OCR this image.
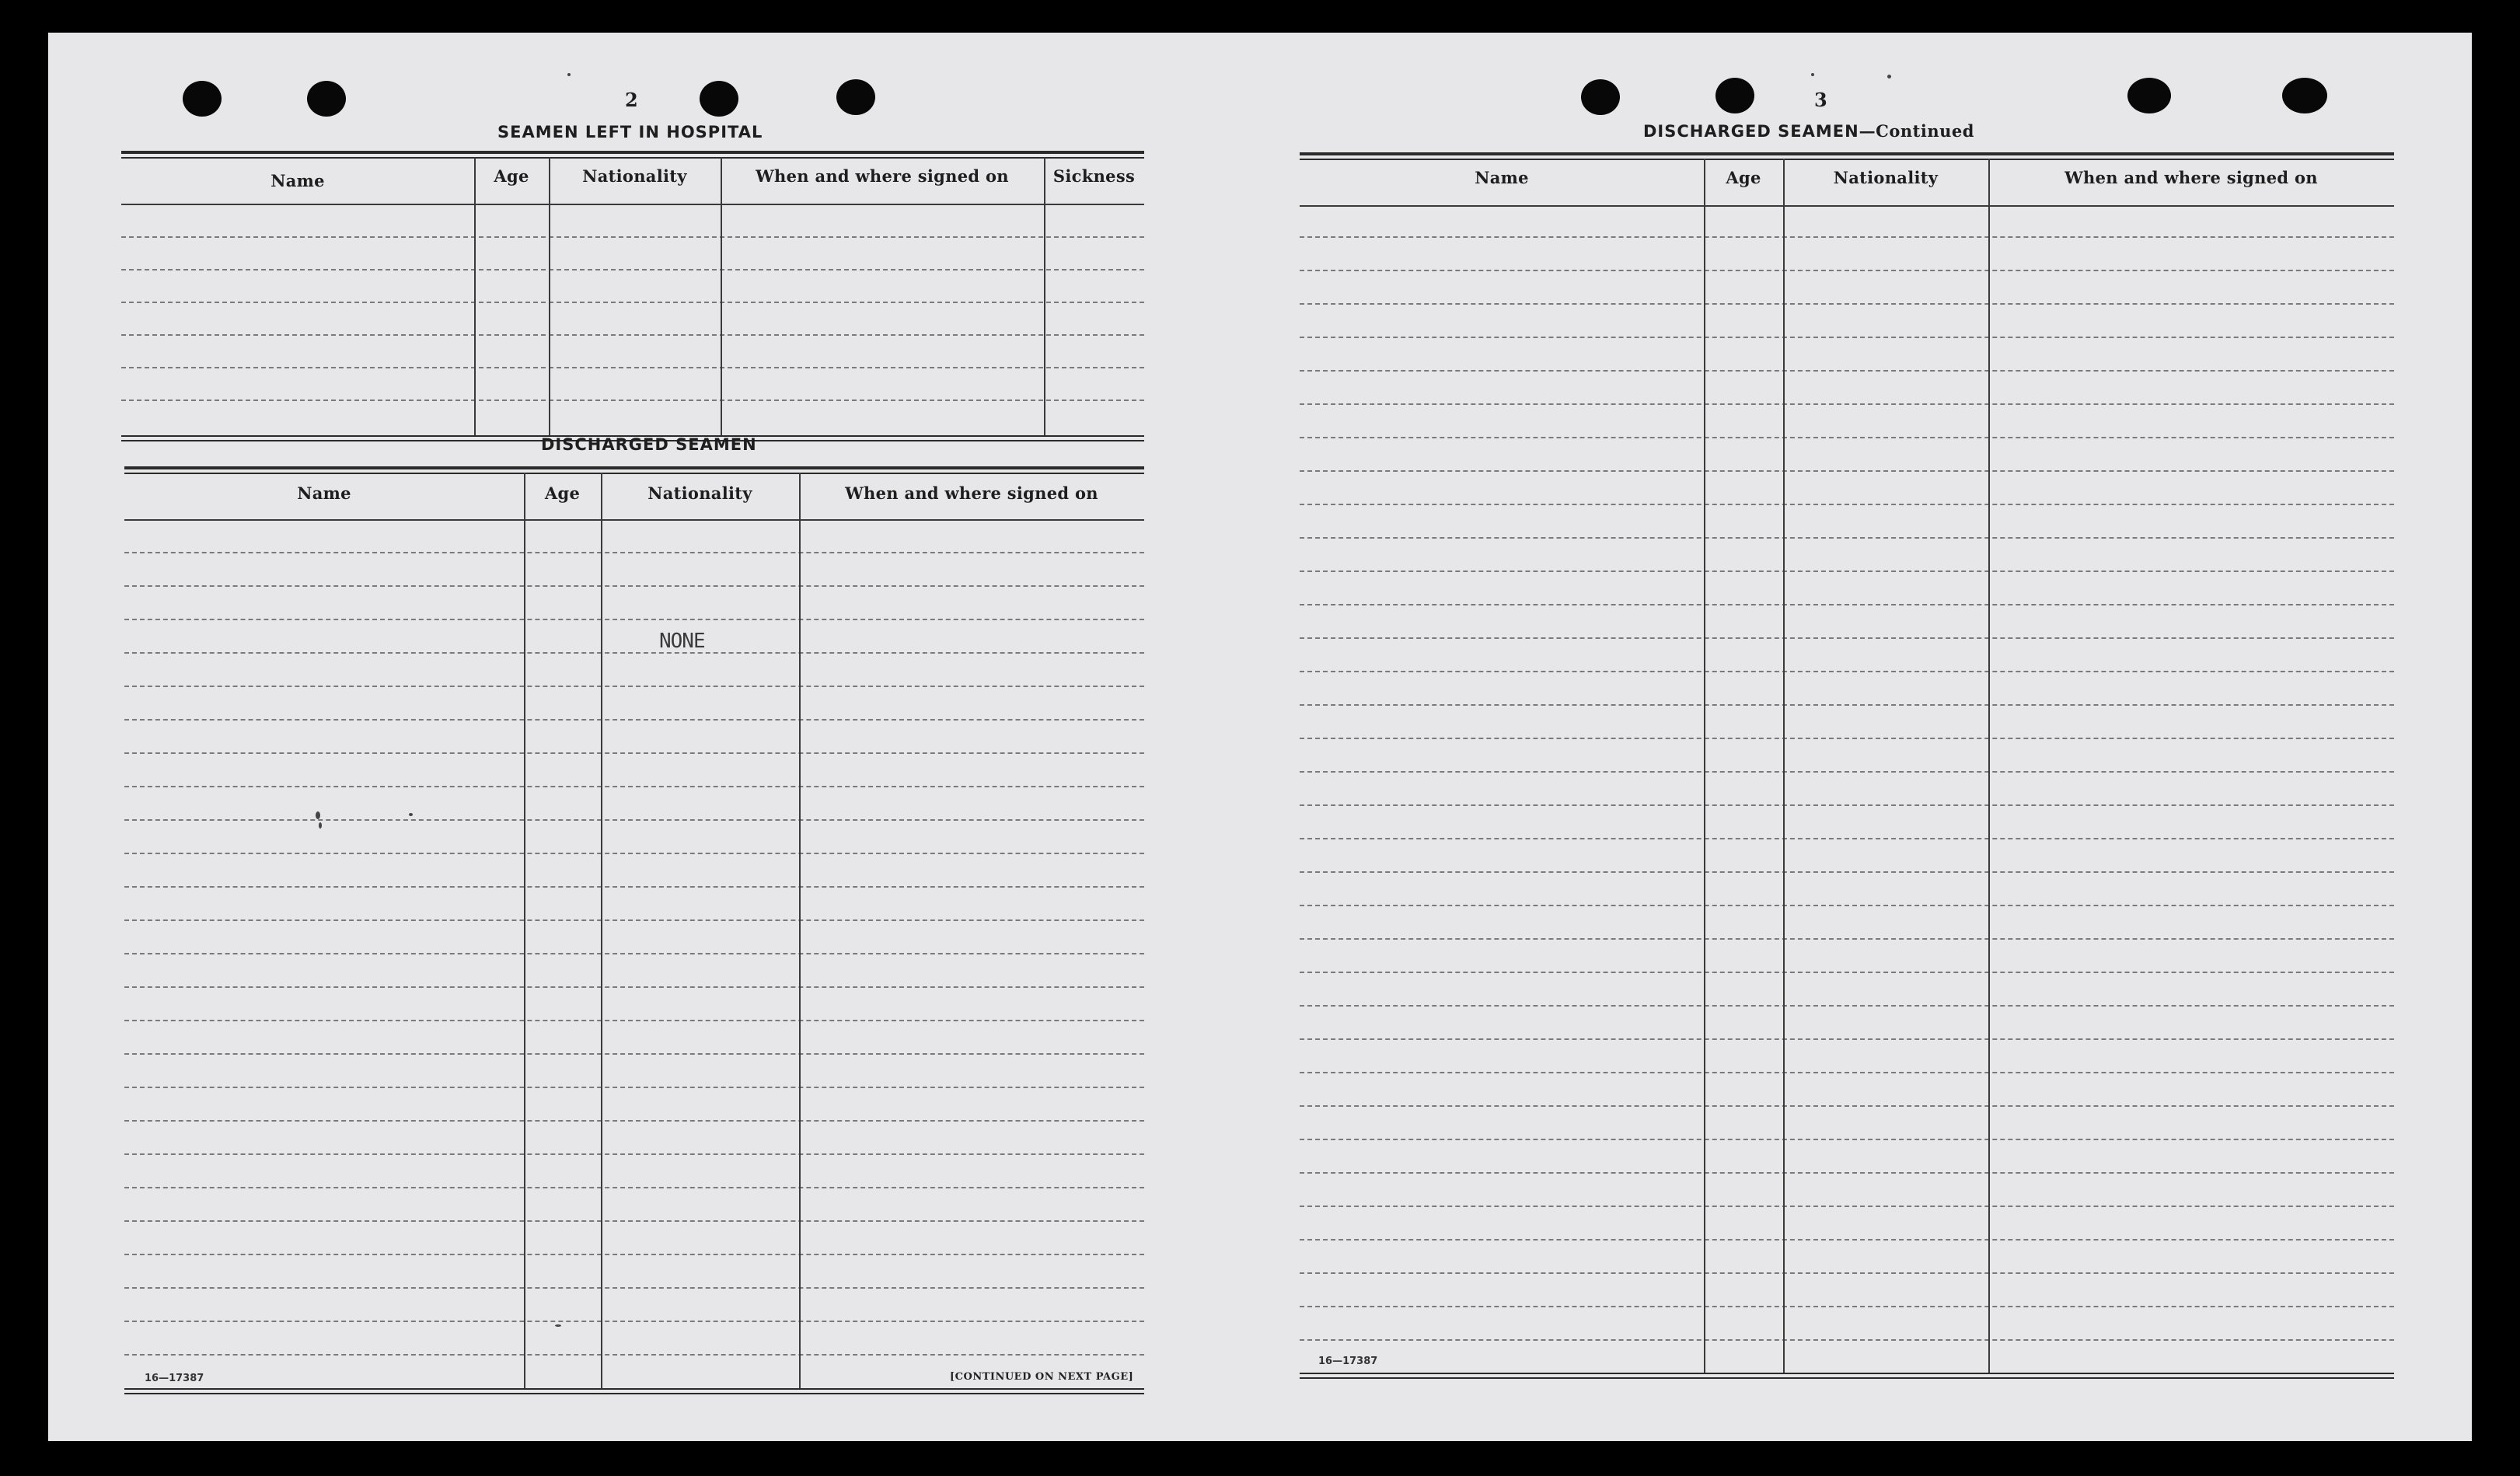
2
SEAMEN LEFT IN HOSPITAL
Name	Age	Nationality	When and where signed on	Sickness
DISCHARGED SEAMEN
Name	Age	Nationality	When and where signed on
NONE
16—17387	[CONTINUED ON NEXT PAGE]
3
DISCHARGED SEAMEN—Continued
Name	Age	Nationality	When and where signed on
16—17387
